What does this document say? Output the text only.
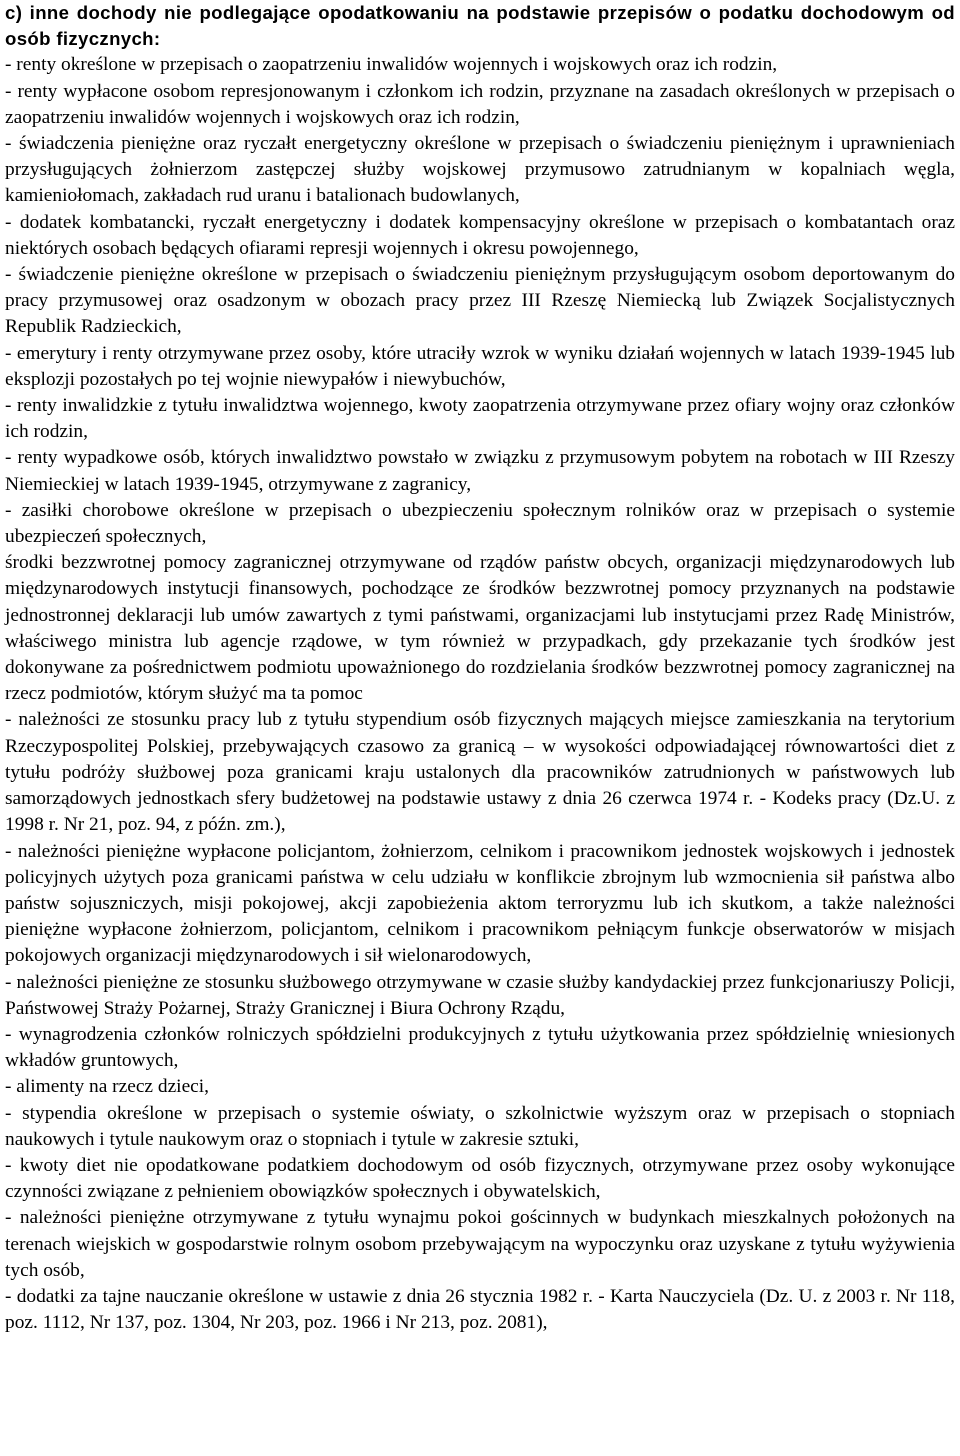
c) inne dochody nie podlegające opodatkowaniu na podstawie przepisów o podatku dochodowym od osób fizycznych:

- renty określone w przepisach o zaopatrzeniu inwalidów wojennych i wojskowych oraz ich rodzin,

- renty wypłacone osobom represjonowanym i członkom ich rodzin, przyznane na zasadach określonych w przepisach o zaopatrzeniu inwalidów wojennych i wojskowych oraz ich rodzin,

- świadczenia pieniężne oraz ryczałt energetyczny określone w przepisach o świadczeniu pieniężnym i uprawnieniach przysługujących żołnierzom zastępczej służby wojskowej przymusowo zatrudnianym w kopalniach węgla, kamieniołomach, zakładach rud uranu i batalionach budowlanych,

- dodatek kombatancki, ryczałt energetyczny i dodatek kompensacyjny określone w przepisach o kombatantach oraz niektórych osobach będących ofiarami represji wojennych i okresu powojennego,

- świadczenie pieniężne określone w przepisach o świadczeniu pieniężnym przysługującym osobom deportowanym do pracy przymusowej oraz osadzonym w obozach pracy przez III Rzeszę Niemiecką lub Związek Socjalistycznych Republik Radzieckich,

- emerytury i renty otrzymywane przez osoby, które utraciły wzrok w wyniku działań wojennych w latach 1939-1945 lub eksplozji pozostałych po tej wojnie niewypałów i niewybuchów,

- renty inwalidzkie z tytułu inwalidztwa wojennego, kwoty zaopatrzenia otrzymywane przez ofiary wojny oraz członków ich rodzin,

- renty wypadkowe osób, których inwalidztwo powstało w związku z przymusowym pobytem na robotach w III Rzeszy Niemieckiej w latach 1939-1945, otrzymywane z zagranicy,

- zasiłki chorobowe określone w przepisach o ubezpieczeniu społecznym rolników oraz w przepisach o systemie ubezpieczeń społecznych,

środki bezzwrotnej pomocy zagranicznej otrzymywane od rządów państw obcych, organizacji międzynarodowych lub międzynarodowych instytucji finansowych, pochodzące ze środków bezzwrotnej pomocy przyznanych na podstawie jednostronnej deklaracji lub umów zawartych z tymi państwami, organizacjami lub instytucjami przez Radę Ministrów, właściwego ministra lub agencje rządowe, w tym również w przypadkach, gdy przekazanie tych środków jest dokonywane za pośrednictwem podmiotu upoważnionego do rozdzielania środków bezzwrotnej pomocy zagranicznej na rzecz podmiotów, którym służyć ma ta pomoc

- należności ze stosunku pracy lub z tytułu stypendium osób fizycznych mających miejsce zamieszkania na terytorium Rzeczypospolitej Polskiej, przebywających czasowo za granicą – w wysokości odpowiadającej równowartości diet z tytułu podróży służbowej poza granicami kraju ustalonych dla pracowników zatrudnionych w państwowych lub samorządowych jednostkach sfery budżetowej na podstawie ustawy z dnia 26 czerwca 1974 r. - Kodeks pracy (Dz.U. z 1998 r. Nr 21, poz. 94, z późn. zm.),

- należności pieniężne wypłacone policjantom, żołnierzom, celnikom i pracownikom jednostek wojskowych i jednostek policyjnych użytych poza granicami państwa w celu udziału w konflikcie zbrojnym lub wzmocnienia sił państwa albo państw sojuszniczych, misji pokojowej, akcji zapobieżenia aktom terroryzmu lub ich skutkom, a także należności pieniężne wypłacone żołnierzom, policjantom, celnikom i pracownikom pełniącym funkcje obserwatorów w misjach pokojowych organizacji międzynarodowych i sił wielonarodowych,

- należności pieniężne ze stosunku służbowego otrzymywane w czasie służby kandydackiej przez funkcjonariuszy Policji, Państwowej Straży Pożarnej, Straży Granicznej i Biura Ochrony Rządu,

- wynagrodzenia członków rolniczych spółdzielni produkcyjnych z tytułu użytkowania przez spółdzielnię wniesionych wkładów gruntowych,

- alimenty na rzecz dzieci,

- stypendia określone w przepisach o systemie oświaty, o szkolnictwie wyższym oraz w przepisach o stopniach naukowych i tytule naukowym oraz o stopniach i tytule w zakresie sztuki,

- kwoty diet nie opodatkowane podatkiem dochodowym od osób fizycznych, otrzymywane przez osoby wykonujące czynności związane z pełnieniem obowiązków społecznych i obywatelskich,

- należności pieniężne otrzymywane z tytułu wynajmu pokoi gościnnych w budynkach mieszkalnych położonych na terenach wiejskich w gospodarstwie rolnym osobom przebywającym na wypoczynku oraz uzyskane z tytułu wyżywienia tych osób,

- dodatki za tajne nauczanie określone w ustawie z dnia 26 stycznia 1982 r. - Karta Nauczyciela (Dz. U. z 2003 r. Nr 118, poz. 1112, Nr 137, poz. 1304, Nr 203, poz. 1966 i Nr 213, poz. 2081),
